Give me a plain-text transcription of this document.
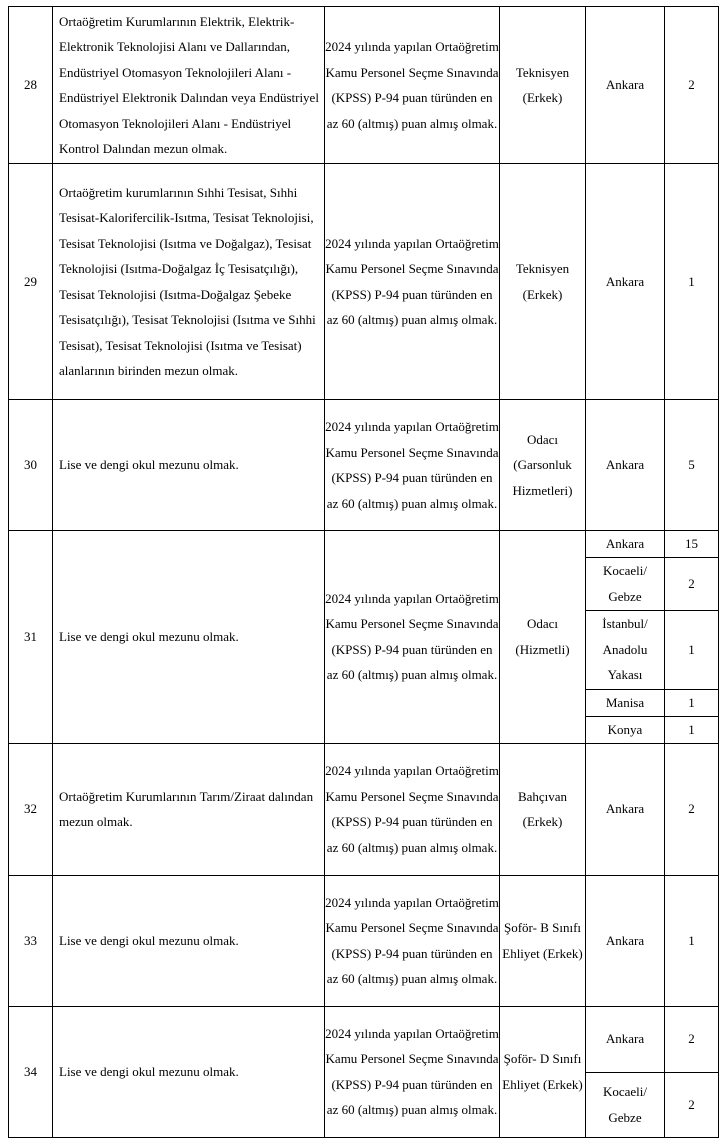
28	Ortaöğretim Kurumlarının Elektrik, Elektrik-Elektronik Teknolojisi Alanı ve Dallarından, Endüstriyel Otomasyon Teknolojileri Alanı - Endüstriyel Elektronik Dalından veya Endüstriyel Otomasyon Teknolojileri Alanı - Endüstriyel Kontrol Dalından mezun olmak.	2024 yılında yapılan Ortaöğretim Kamu Personel Seçme Sınavında (KPSS) P-94 puan türünden en az 60 (altmış) puan almış olmak.	Teknisyen (Erkek)	Ankara	2
29	Ortaöğretim kurumlarının Sıhhi Tesisat, Sıhhi Tesisat-Kalorifercilik-Isıtma, Tesisat Teknolojisi, Tesisat Teknolojisi (Isıtma ve Doğalgaz), Tesisat Teknolojisi (Isıtma-Doğalgaz İç Tesisatçılığı), Tesisat Teknolojisi (Isıtma-Doğalgaz Şebeke Tesisatçılığı), Tesisat Teknolojisi (Isıtma ve Sıhhi Tesisat), Tesisat Teknolojisi (Isıtma ve Tesisat) alanlarının birinden mezun olmak.	2024 yılında yapılan Ortaöğretim Kamu Personel Seçme Sınavında (KPSS) P-94 puan türünden en az 60 (altmış) puan almış olmak.	Teknisyen (Erkek)	Ankara	1
30	Lise ve dengi okul mezunu olmak.	2024 yılında yapılan Ortaöğretim Kamu Personel Seçme Sınavında (KPSS) P-94 puan türünden en az 60 (altmış) puan almış olmak.	Odacı (Garsonluk Hizmetleri)	Ankara	5
31	Lise ve dengi okul mezunu olmak.	2024 yılında yapılan Ortaöğretim Kamu Personel Seçme Sınavında (KPSS) P-94 puan türünden en az 60 (altmış) puan almış olmak.	Odacı (Hizmetli)	Ankara	15
				Kocaeli/ Gebze	2
				İstanbul/ Anadolu Yakası	1
				Manisa	1
				Konya	1
32	Ortaöğretim Kurumlarının Tarım/Ziraat dalından mezun olmak.	2024 yılında yapılan Ortaöğretim Kamu Personel Seçme Sınavında (KPSS) P-94 puan türünden en az 60 (altmış) puan almış olmak.	Bahçıvan (Erkek)	Ankara	2
33	Lise ve dengi okul mezunu olmak.	2024 yılında yapılan Ortaöğretim Kamu Personel Seçme Sınavında (KPSS) P-94 puan türünden en az 60 (altmış) puan almış olmak.	Şoför- B Sınıfı Ehliyet (Erkek)	Ankara	1
34	Lise ve dengi okul mezunu olmak.	2024 yılında yapılan Ortaöğretim Kamu Personel Seçme Sınavında (KPSS) P-94 puan türünden en az 60 (altmış) puan almış olmak.	Şoför- D Sınıfı Ehliyet (Erkek)	Ankara	2
				Kocaeli/ Gebze	2
